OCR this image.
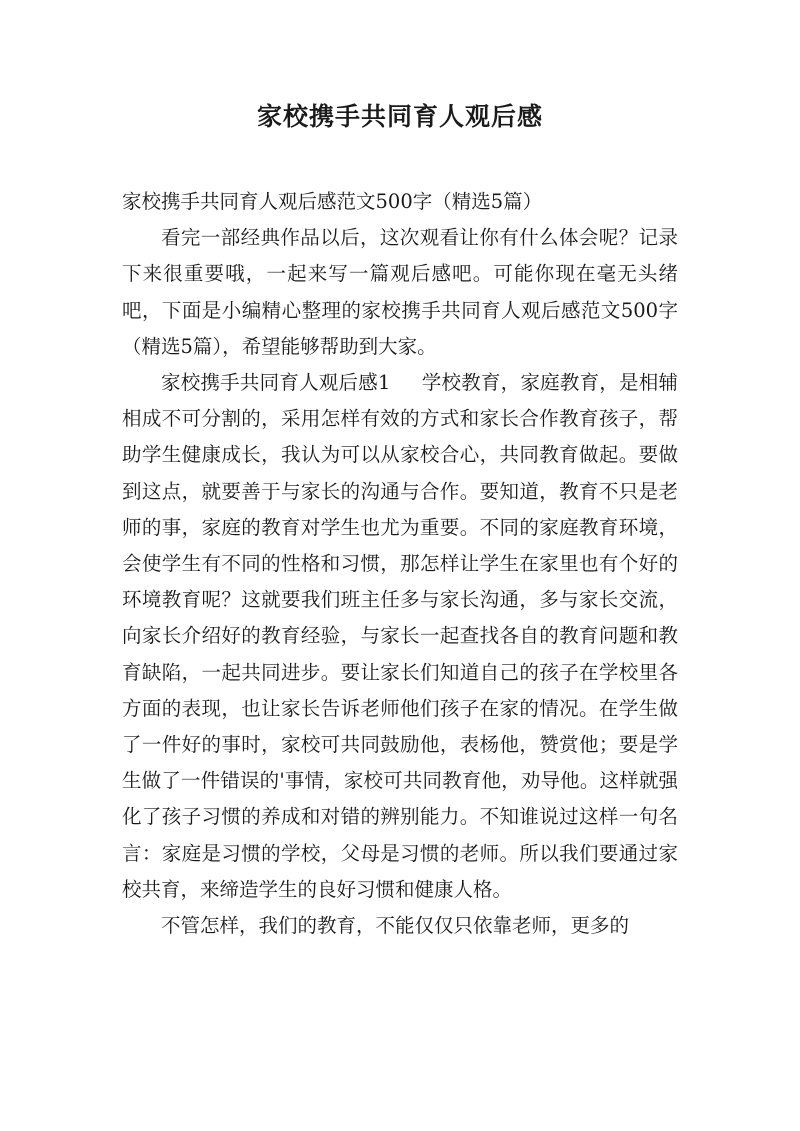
家校携手共同育人观后感

家校携手共同育人观后感范文500字（精选5篇）

看完一部经典作品以后，这次观看让你有什么体会呢？记录下来很重要哦，一起来写一篇观后感吧。可能你现在毫无头绪吧，下面是小编精心整理的家校携手共同育人观后感范文500字（精选5篇），希望能够帮助到大家。

家校携手共同育人观后感1 学校教育，家庭教育，是相辅相成不可分割的，采用怎样有效的方式和家长合作教育孩子，帮助学生健康成长，我认为可以从家校合心，共同教育做起。要做到这点，就要善于与家长的沟通与合作。要知道，教育不只是老师的事，家庭的教育对学生也尤为重要。不同的家庭教育环境，会使学生有不同的性格和习惯，那怎样让学生在家里也有个好的环境教育呢？这就要我们班主任多与家长沟通，多与家长交流，向家长介绍好的教育经验，与家长一起查找各自的教育问题和教育缺陷，一起共同进步。要让家长们知道自己的孩子在学校里各方面的表现，也让家长告诉老师他们孩子在家的情况。在学生做了一件好的事时，家校可共同鼓励他，表杨他，赞赏他；要是学生做了一件错误的'事情，家校可共同教育他，劝导他。这样就强化了孩子习惯的养成和对错的辨别能力。不知谁说过这样一句名言：家庭是习惯的学校，父母是习惯的老师。所以我们要通过家校共育，来缔造学生的良好习惯和健康人格。

不管怎样，我们的教育，不能仅仅只依靠老师，更多的
